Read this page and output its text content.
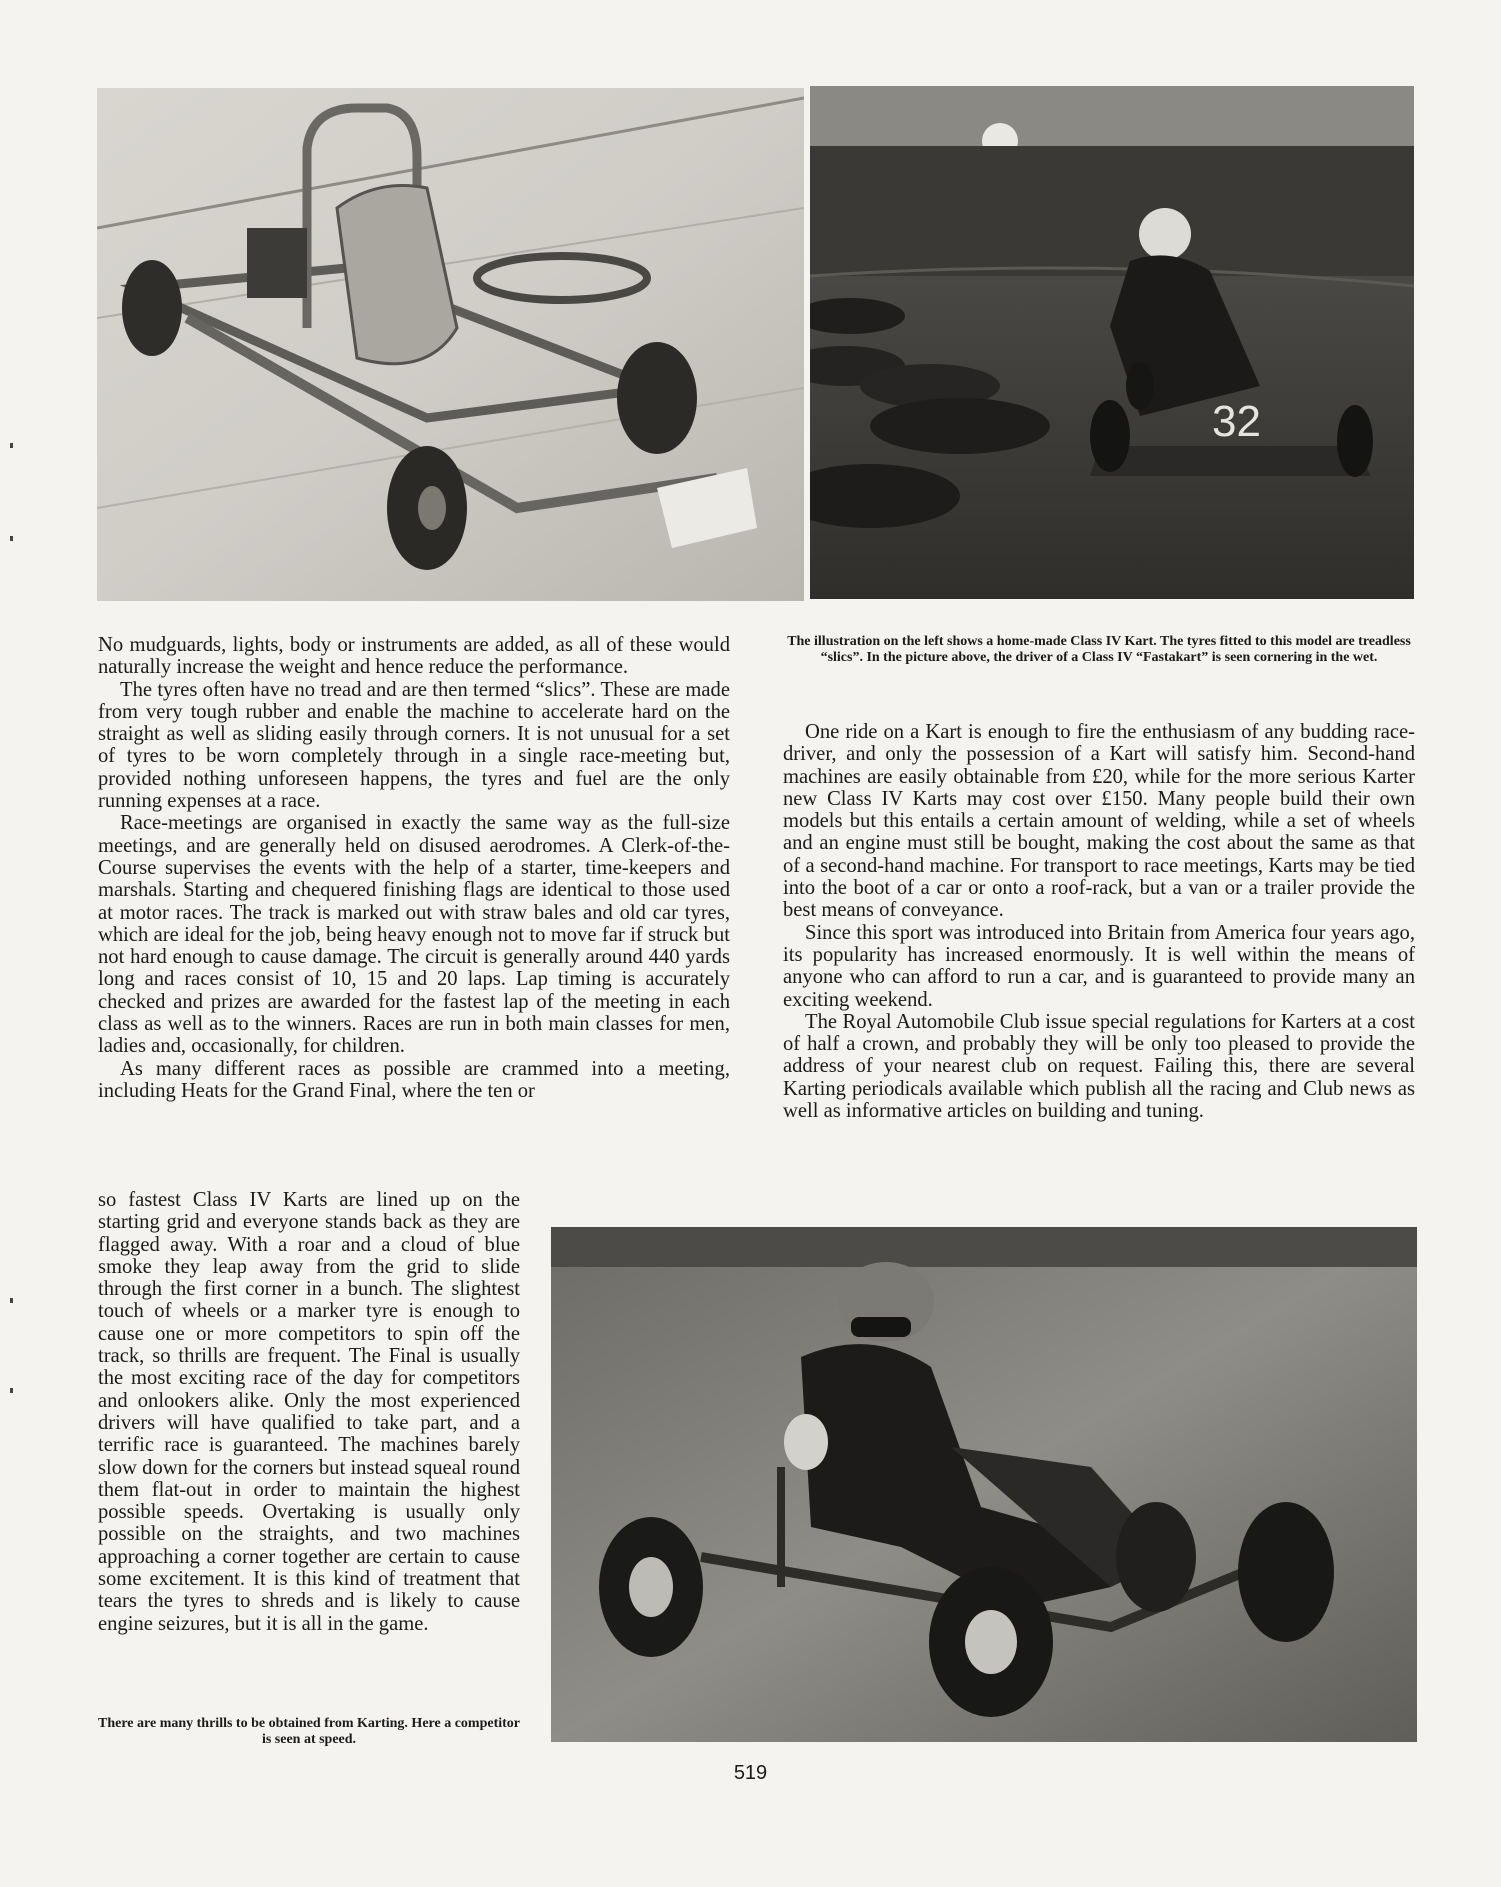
32
The illustration on the left shows a home-made Class IV Kart. The tyres fitted to this model are treadless “slics”. In the picture above, the driver of a Class IV “Fastakart” is seen cornering in the wet.

No mudguards, lights, body or instruments are added, as all of these would naturally increase the weight and hence reduce the performance.

The tyres often have no tread and are then termed “slics”. These are made from very tough rubber and enable the machine to accelerate hard on the straight as well as sliding easily through corners. It is not unusual for a set of tyres to be worn completely through in a single race-meeting but, provided nothing unforeseen happens, the tyres and fuel are the only running expenses at a race.

Race-meetings are organised in exactly the same way as the full-size meetings, and are generally held on disused aerodromes. A Clerk-of-the-Course supervises the events with the help of a starter, time-keepers and marshals. Starting and chequered finishing flags are identical to those used at motor races. The track is marked out with straw bales and old car tyres, which are ideal for the job, being heavy enough not to move far if struck but not hard enough to cause damage. The circuit is generally around 440 yards long and races consist of 10, 15 and 20 laps. Lap timing is accurately checked and prizes are awarded for the fastest lap of the meeting in each class as well as to the winners. Races are run in both main classes for men, ladies and, occasionally, for children.

As many different races as possible are crammed into a meeting, including Heats for the Grand Final, where the ten or

so fastest Class IV Karts are lined up on the starting grid and everyone stands back as they are flagged away. With a roar and a cloud of blue smoke they leap away from the grid to slide through the first corner in a bunch. The slightest touch of wheels or a marker tyre is enough to cause one or more competitors to spin off the track, so thrills are frequent. The Final is usually the most exciting race of the day for competitors and onlookers alike. Only the most experienced drivers will have qualified to take part, and a terrific race is guaranteed. The machines barely slow down for the corners but instead squeal round them flat-out in order to maintain the highest possible speeds. Overtaking is usually only possible on the straights, and two machines approaching a corner together are certain to cause some excitement. It is this kind of treatment that tears the tyres to shreds and is likely to cause engine seizures, but it is all in the game.

One ride on a Kart is enough to fire the enthusiasm of any budding race-driver, and only the possession of a Kart will satisfy him. Second-hand machines are easily obtainable from £20, while for the more serious Karter new Class IV Karts may cost over £150. Many people build their own models but this entails a certain amount of welding, while a set of wheels and an engine must still be bought, making the cost about the same as that of a second-hand machine. For transport to race meetings, Karts may be tied into the boot of a car or onto a roof-rack, but a van or a trailer provide the best means of conveyance.

Since this sport was introduced into Britain from America four years ago, its popularity has increased enormously. It is well within the means of anyone who can afford to run a car, and is guaranteed to provide many an exciting weekend.

The Royal Automobile Club issue special regulations for Karters at a cost of half a crown, and probably they will be only too pleased to provide the address of your nearest club on request. Failing this, there are several Karting periodicals available which publish all the racing and Club news as well as informative articles on building and tuning.

There are many thrills to be obtained from Karting. Here a competitor is seen at speed.
519
